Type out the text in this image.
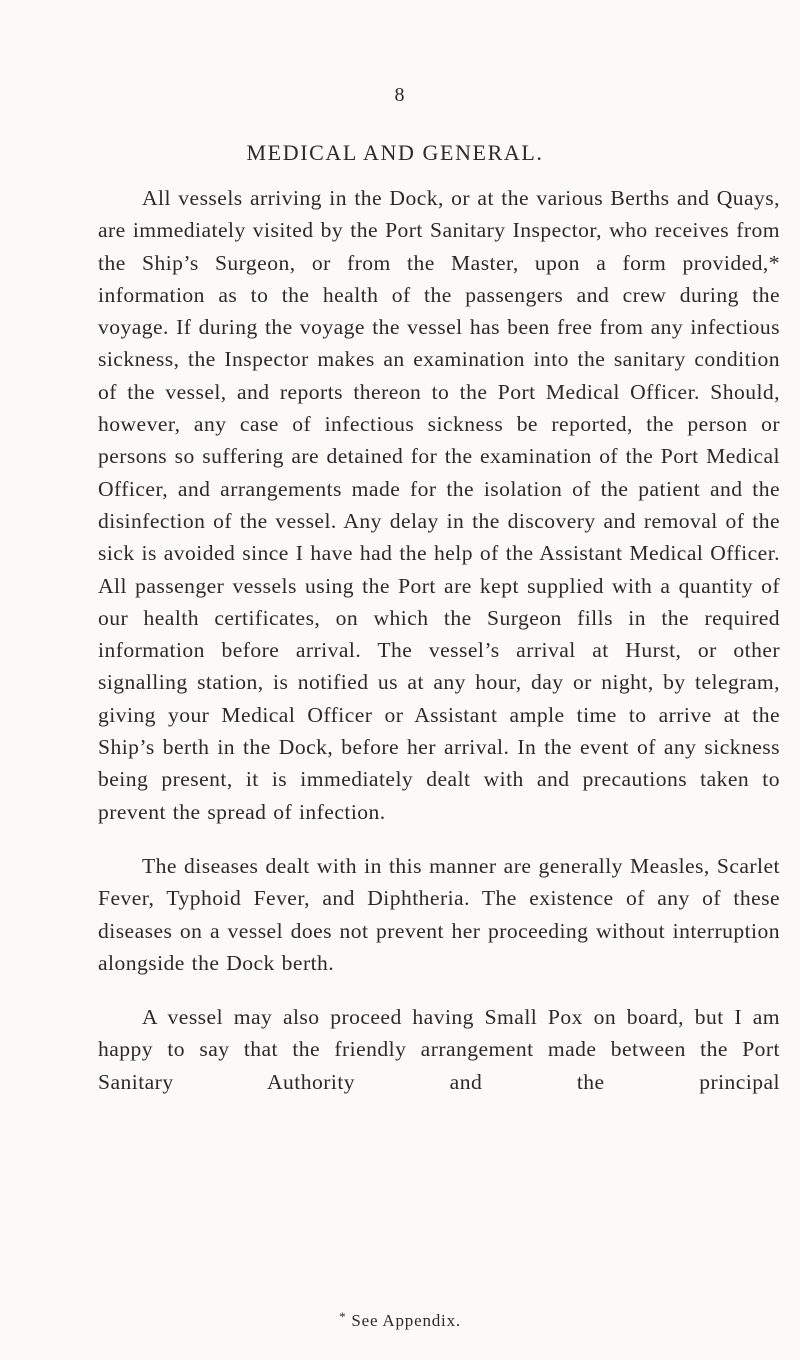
8
MEDICAL AND GENERAL.

All vessels arriving in the Dock, or at the various Berths and Quays, are immediately visited by the Port Sanitary Inspector, who receives from the Ship’s Surgeon, or from the Master, upon a form provided,* information as to the health of the passengers and crew during the voyage. If during the voyage the vessel has been free from any infectious sickness, the Inspector makes an examination into the sanitary condition of the vessel, and reports thereon to the Port Medical Officer. Should, however, any case of infectious sickness be reported, the person or persons so suffering are detained for the examination of the Port Medical Officer, and arrangements made for the isolation of the patient and the disinfection of the vessel. Any delay in the discovery and removal of the sick is avoided since I have had the help of the Assistant Medical Officer. All passenger vessels using the Port are kept supplied with a quantity of our health certificates, on which the Surgeon fills in the required information before arrival. The vessel’s arrival at Hurst, or other signalling station, is notified us at any hour, day or night, by telegram, giving your Medical Officer or Assistant ample time to arrive at the Ship’s berth in the Dock, before her arrival. In the event of any sickness being present, it is immediately dealt with and precautions taken to prevent the spread of infection.

The diseases dealt with in this manner are generally Measles, Scarlet Fever, Typhoid Fever, and Diphtheria. The existence of any of these diseases on a vessel does not prevent her proceeding without interruption alongside the Dock berth.

A vessel may also proceed having Small Pox on board, but I am happy to say that the friendly arrangement made between the Port Sanitary Authority and the principal

* See Appendix.
